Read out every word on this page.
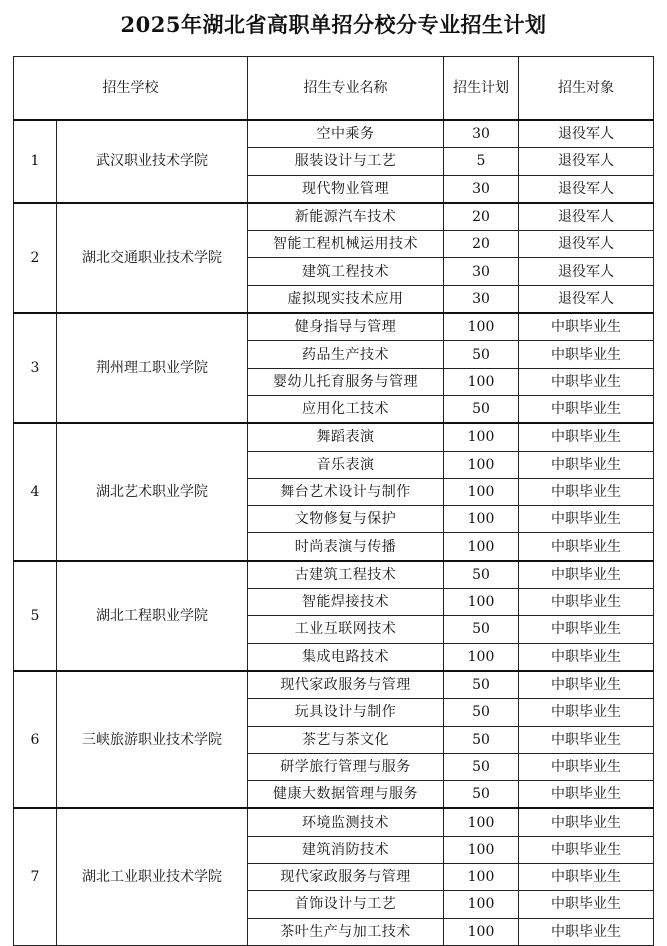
2025年湖北省高职单招分校分专业招生计划
招生学校		招生专业名称	招生计划	招生对象
1	武汉职业技术学院	空中乘务	30	退役军人
		服装设计与工艺	5	退役军人
		现代物业管理	30	退役军人
2	湖北交通职业技术学院	新能源汽车技术	20	退役军人
		智能工程机械运用技术	20	退役军人
		建筑工程技术	30	退役军人
		虚拟现实技术应用	30	退役军人
3	荆州理工职业学院	健身指导与管理	100	中职毕业生
		药品生产技术	50	中职毕业生
		婴幼儿托育服务与管理	100	中职毕业生
		应用化工技术	50	中职毕业生
4	湖北艺术职业学院	舞蹈表演	100	中职毕业生
		音乐表演	100	中职毕业生
		舞台艺术设计与制作	100	中职毕业生
		文物修复与保护	100	中职毕业生
		时尚表演与传播	100	中职毕业生
5	湖北工程职业学院	古建筑工程技术	50	中职毕业生
		智能焊接技术	100	中职毕业生
		工业互联网技术	50	中职毕业生
		集成电路技术	100	中职毕业生
6	三峡旅游职业技术学院	现代家政服务与管理	50	中职毕业生
		玩具设计与制作	50	中职毕业生
		茶艺与茶文化	50	中职毕业生
		研学旅行管理与服务	50	中职毕业生
		健康大数据管理与服务	50	中职毕业生
7	湖北工业职业技术学院	环境监测技术	100	中职毕业生
		建筑消防技术	100	中职毕业生
		现代家政服务与管理	100	中职毕业生
		首饰设计与工艺	100	中职毕业生
		茶叶生产与加工技术	100	中职毕业生
